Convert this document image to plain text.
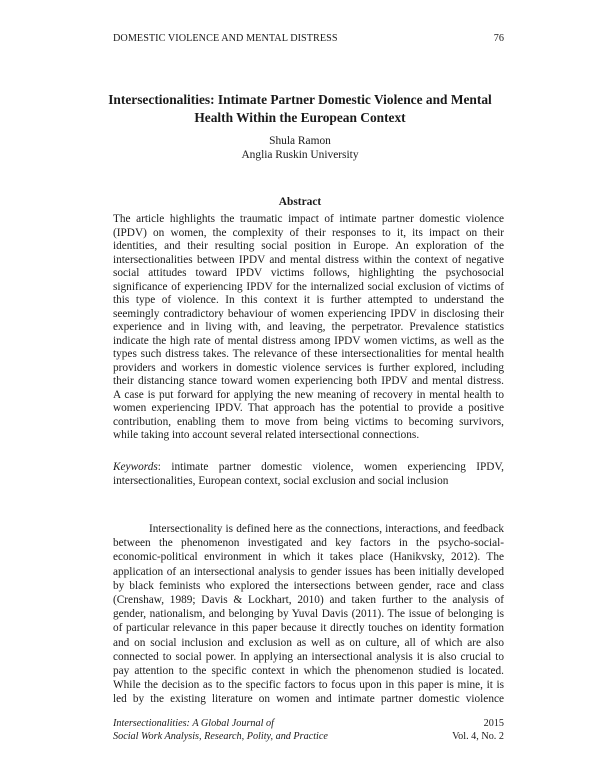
DOMESTIC VIOLENCE AND MENTAL DISTRESS	76
Intersectionalities: Intimate Partner Domestic Violence and Mental
Health Within the European Context
Shula Ramon
Anglia Ruskin University
Abstract
The article highlights the traumatic impact of intimate partner domestic violence
(IPDV) on women, the complexity of their responses to it, its impact on their
identities, and their resulting social position in Europe. An exploration of the
intersectionalities between IPDV and mental distress within the context of negative
social attitudes toward IPDV victims follows, highlighting the psychosocial
significance of experiencing IPDV for the internalized social exclusion of victims of
this type of violence. In this context it is further attempted to understand the
seemingly contradictory behaviour of women experiencing IPDV in disclosing their
experience and in living with, and leaving, the perpetrator. Prevalence statistics
indicate the high rate of mental distress among IPDV women victims, as well as the
types such distress takes. The relevance of these intersectionalities for mental health
providers and workers in domestic violence services is further explored, including
their distancing stance toward women experiencing both IPDV and mental distress.
A case is put forward for applying the new meaning of recovery in mental health to
women experiencing IPDV. That approach has the potential to provide a positive
contribution, enabling them to move from being victims to becoming survivors,
while taking into account several related intersectional connections.
Keywords: intimate partner domestic violence, women experiencing IPDV,
intersectionalities, European context, social exclusion and social inclusion
Intersectionality is defined here as the connections, interactions, and feedback
between the phenomenon investigated and key factors in the psycho-social-
economic-political environment in which it takes place (Hanikvsky, 2012). The
application of an intersectional analysis to gender issues has been initially developed
by black feminists who explored the intersections between gender, race and class
(Crenshaw, 1989; Davis & Lockhart, 2010) and taken further to the analysis of
gender, nationalism, and belonging by Yuval Davis (2011). The issue of belonging is
of particular relevance in this paper because it directly touches on identity formation
and on social inclusion and exclusion as well as on culture, all of which are also
connected to social power. In applying an intersectional analysis it is also crucial to
pay attention to the specific context in which the phenomenon studied is located.
While the decision as to the specific factors to focus upon in this paper is mine, it is
led by the existing literature on women and intimate partner domestic violence
Intersectionalities: A Global Journal of
Social Work Analysis, Research, Polity, and Practice
2015
Vol. 4, No. 2
